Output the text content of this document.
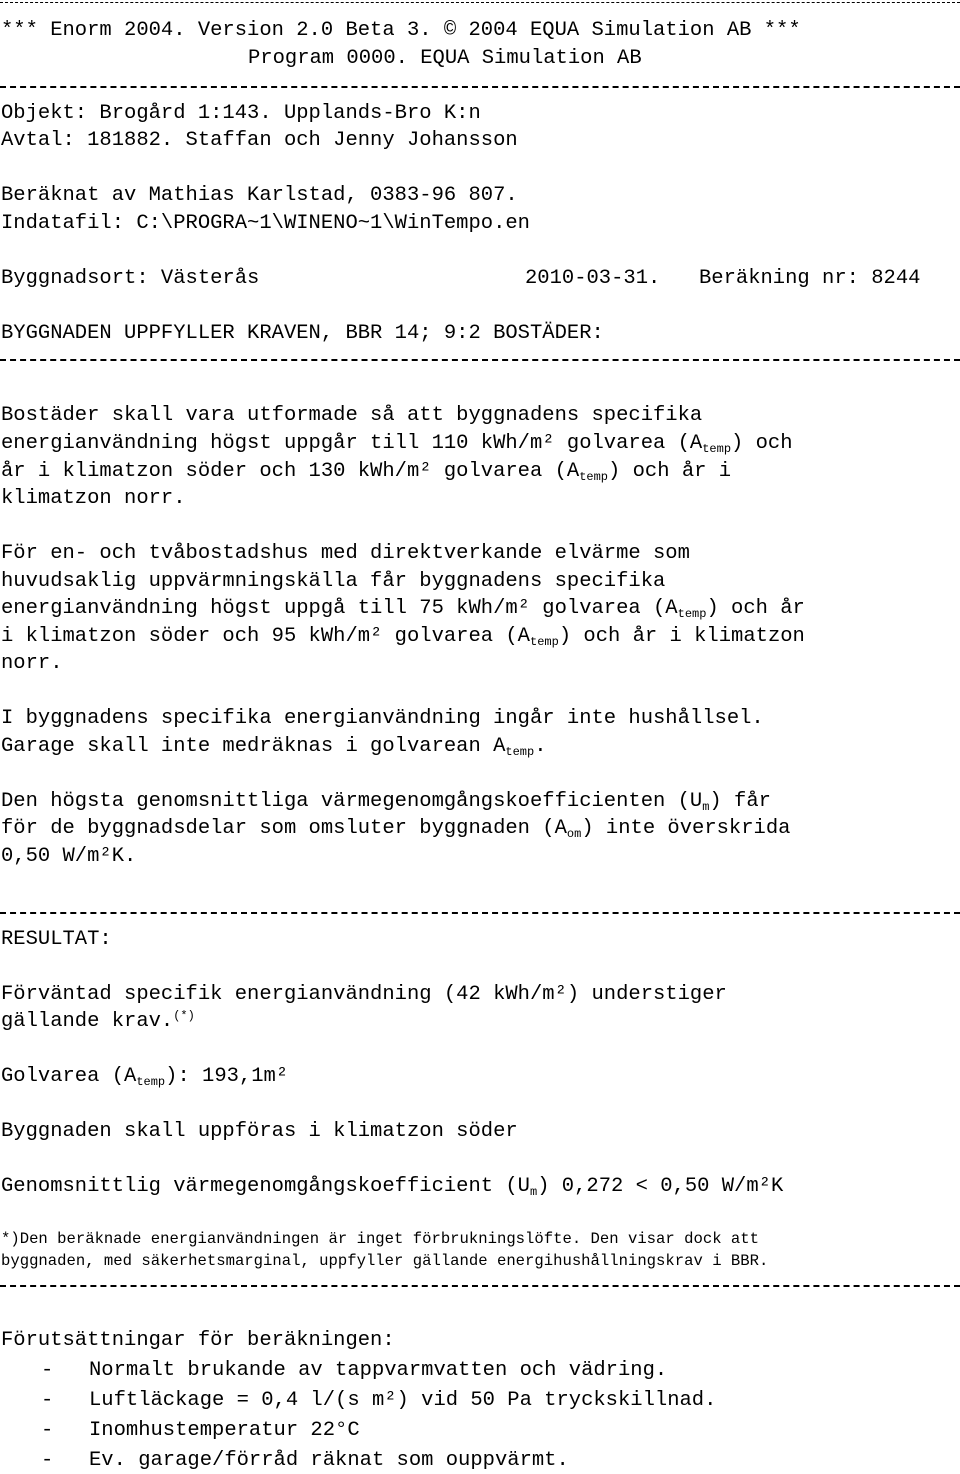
*** Enorm 2004. Version 2.0 Beta 3. © 2004 EQUA Simulation AB ***
Program 0000. EQUA Simulation AB
Objekt: Brogård 1:143. Upplands-Bro K:n
Avtal: 181882. Staffan och Jenny Johansson
Beräknat av Mathias Karlstad, 0383-96 807.
Indatafil: C:\PROGRA~1\WINENO~1\WinTempo.en
Byggnadsort: Västerås	2010-03-31. Beräkning nr: 8244
BYGGNADEN UPPFYLLER KRAVEN, BBR 14; 9:2 BOSTÄDER:
Bostäder skall vara utformade så att byggnadens specifika
energianvändning högst uppgår till 110 kWh/m² golvarea $(A_{temp})$ och
år i klimatzon söder och 130 kWh/m² golvarea $(A_{temp})$ och år i
klimatzon norr.
För en- och tvåbostadshus med direktverkande elvärme som
huvudsaklig uppvärmningskälla får byggnadens specifika
energianvändning högst uppgå till 75 kWh/m² golvarea $(A_{temp})$ och år
i klimatzon söder och 95 kWh/m² golvarea $(A_{temp})$ och år i klimatzon
norr.
I byggnadens specifika energianvändning ingår inte hushållsel.
Garage skall inte medräknas i golvarean $A_{temp}$.
Den högsta genomsnittliga värmegenomgångskoefficienten $(U_m)$ får
för de byggnadsdelar som omsluter byggnaden $(A_{om})$ inte överskrida
0,50 W/m²K.
RESULTAT:
Förväntad specifik energianvändning (42 kWh/m²) understiger
gällande krav.(*)
Golvarea $(A_{temp})$: 193,1m²
Byggnaden skall uppföras i klimatzon söder
Genomsnittlig värmegenomgångskoefficient $(U_m) 0,272 < 0,50$ W/m²K
*)Den beräknade energianvändningen är inget förbrukningslöfte. Den visar dock att
byggnaden, med säkerhetsmarginal, uppfyller gällande energihushållningskrav i BBR.
Förutsättningar för beräkningen:
- Normalt brukande av tappvarmvatten och vädring.
- Luftläckage = 0,4 l/(s m²) vid 50 Pa tryckskillnad.
- Inomhustemperatur 22°C
- Ev. garage/förråd räknat som ouppvärmt.
